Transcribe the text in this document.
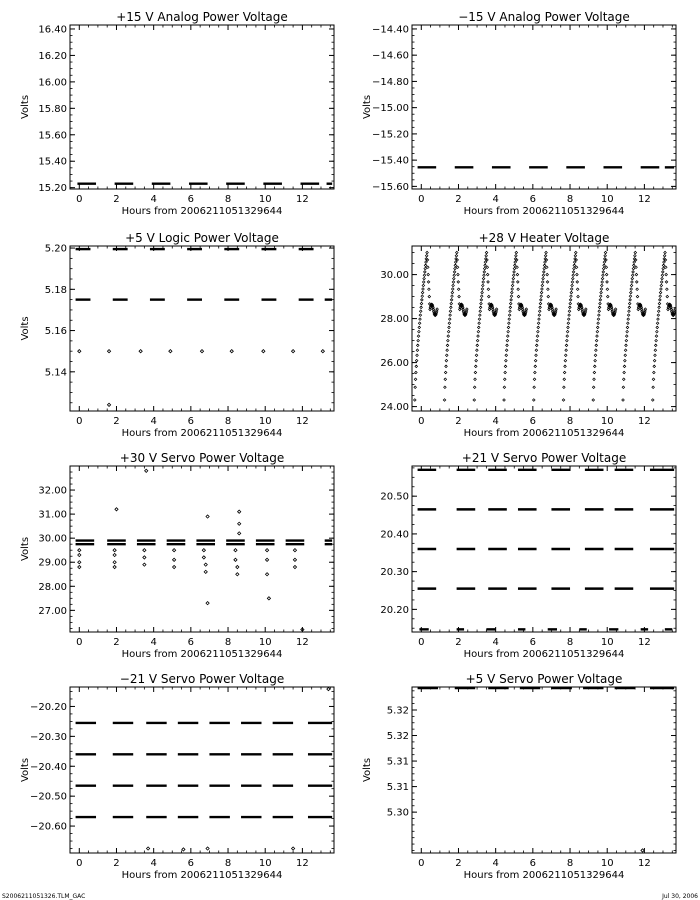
+15 V Analog Power Voltage
0	2	4	6	8	10 12
15.20
15.40
15.60
15.80
16.00
16.20
16.40
Hours from 2006211051329644
Volts
−15 V Analog Power Voltage
0	2	4	6	8	10 12
−15.60
−15.40
−15.20
−15.00
−14.80
−14.60
−14.40
Hours from 2006211051329644
Volts
+5 V Logic Power Voltage
0	2	4	6	8	10 12
5.14
5.16
5.18
5.20
Hours from 2006211051329644
Volts
+28 V Heater Voltage
0	2	4	6	8	10 12
24.00
26.00
28.00
30.00
Hours from 2006211051329644
+30 V Servo Power Voltage
0	2	4	6	8	10 12
27.00
28.00
29.00
30.00
31.00
32.00
Hours from 2006211051329644
Volts
+21 V Servo Power Voltage
0	2	4	6	8	10 12
20.20
20.30
20.40
20.50
Hours from 2006211051329644
−21 V Servo Power Voltage
0	2	4	6	8	10 12
−20.60
−20.50
−20.40
−20.30
−20.20
Hours from 2006211051329644
Volts
+5 V Servo Power Voltage
0	2	4	6	8	10 12
5.30
5.31
5.31
5.32
5.32
Hours from 2006211051329644
Volts
S2006211051326.TLM_GAC	Jul 30, 2006
